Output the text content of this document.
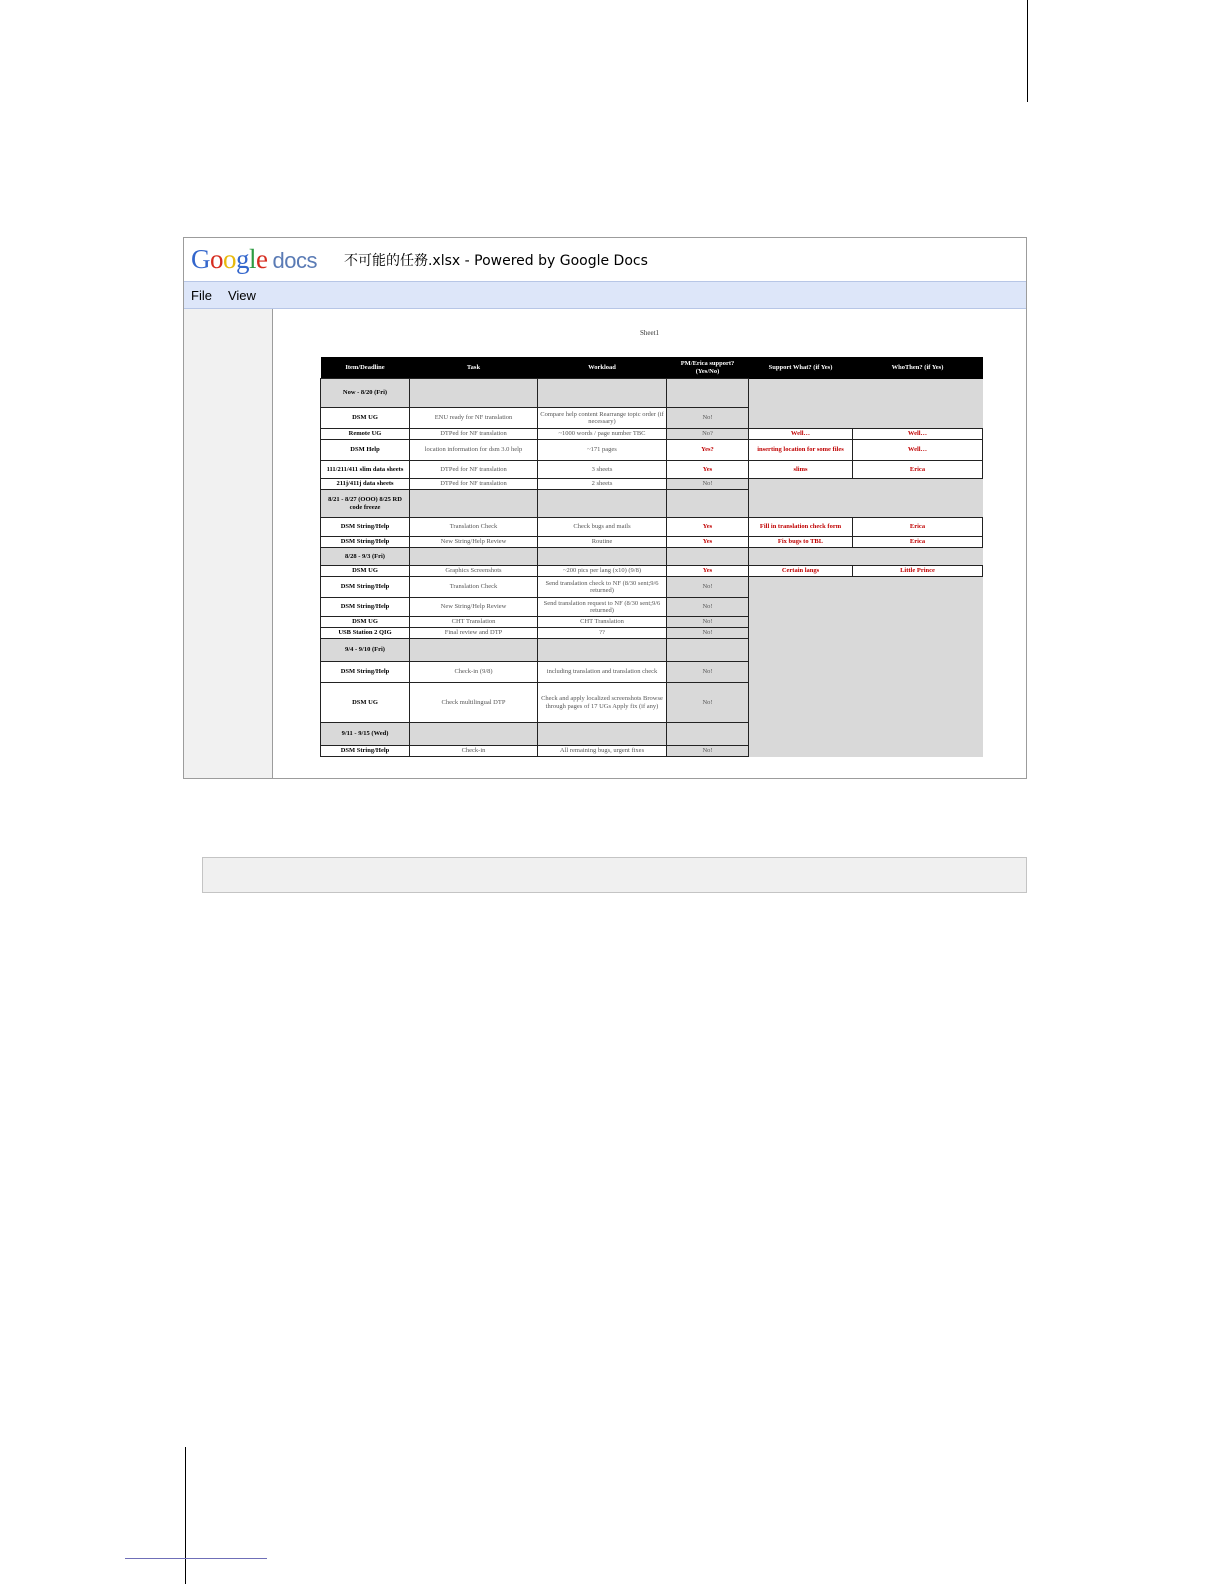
Google docs 不可能的任務.xlsx - Powered by Google Docs
File View
Sheet1
Item/Deadline	Task	Workload	PM/Erica support? (Yes/No)	Support What? (if Yes)	WhoThen? (if Yes)
Now - 8/20 (Fri)					
DSM UG	ENU ready for NF translation	Compare help content Rearrange topic order (if necessary)	No!		
Remote UG	DTPed for NF translation	~1000 words / page number TBC	No?	Well…	Well…
DSM Help	location information for dsm 3.0 help	~171 pages	Yes?	inserting location for some files	Well…
111/211/411 slim data sheets	DTPed for NF translation	3 sheets	Yes	slims	Erica
211j/411j data sheets	DTPed for NF translation	2 sheets	No!		
8/21 - 8/27 (OOO) 8/25 RD code freeze					
DSM String/Help	Translation Check	Check bugs and mails	Yes	Fill in translation check form	Erica
DSM String/Help	New String/Help Review	Routine	Yes	Fix bugs to TBL	Erica
8/28 - 9/3 (Fri)					
DSM UG	Graphics Screenshots	~200 pics per lang (x10) (9/8)	Yes	Certain langs	Little Prince
DSM String/Help	Translation Check	Send translation check to NF (8/30 sent;9/6 returned)	No!		
DSM String/Help	New String/Help Review	Send translation request to NF (8/30 sent;9/6 returned)	No!		
DSM UG	CHT Translation	CHT Translation	No!		
USB Station 2 QIG	Final review and DTP	??	No!		
9/4 - 9/10 (Fri)					
DSM String/Help	Check-in (9/8)	including translation and translation check	No!		
DSM UG	Check multilingual DTP	Check and apply localized screenshots Browse through pages of 17 UGs Apply fix (if any)	No!		
9/11 - 9/15 (Wed)					
DSM String/Help	Check-in	All remaining bugs, urgent fixes	No!		
